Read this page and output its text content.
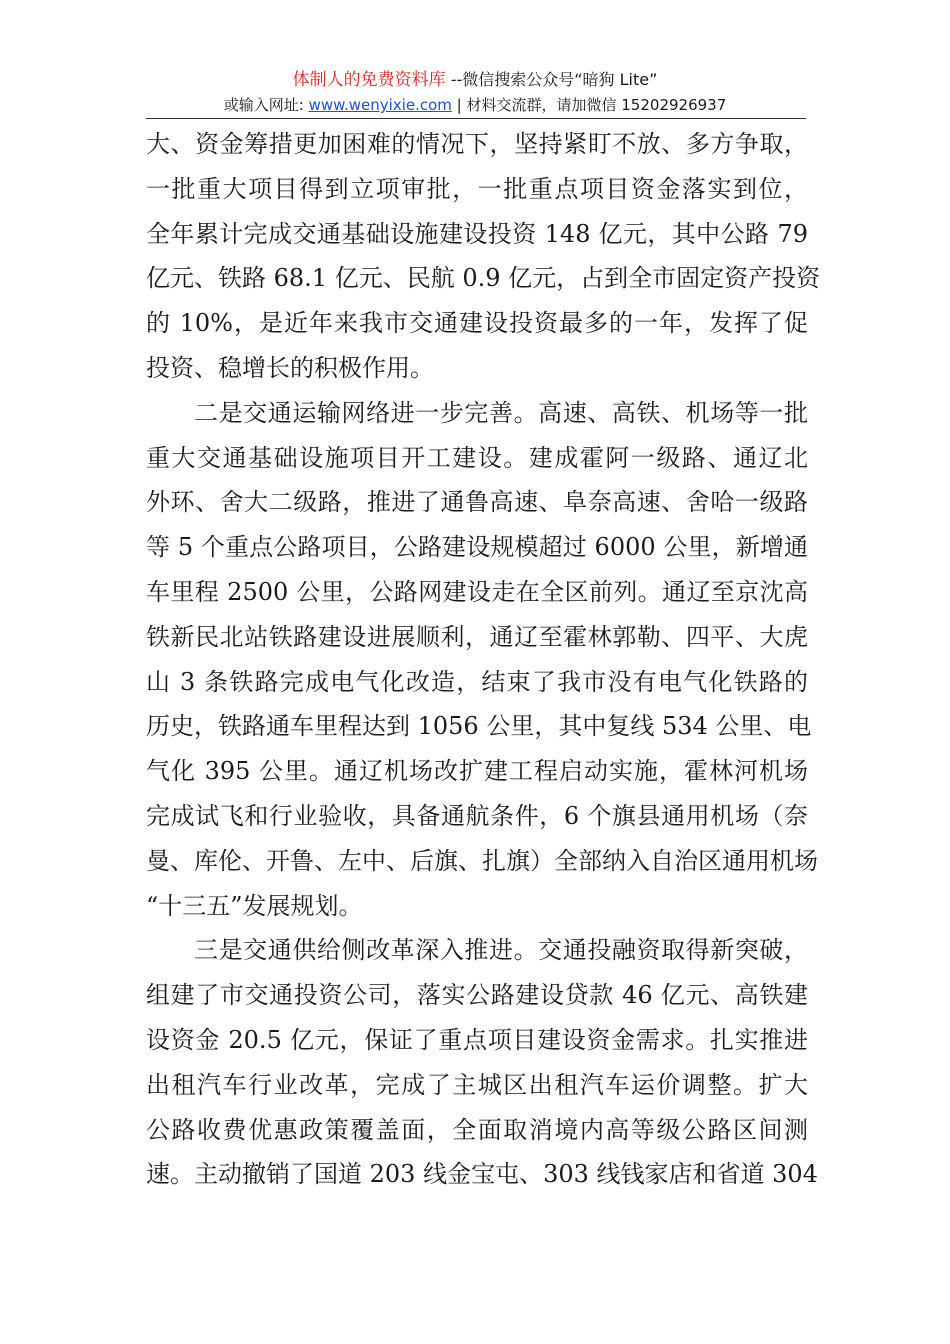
体制人的免费资料库 --微信搜索公众号“暗狗 Lite”
或输入网址: www.wenyixie.com | 材料交流群，请加微信 15202926937
大、资金筹措更加困难的情况下，坚持紧盯不放、多方争取，
一批重大项目得到立项审批，一批重点项目资金落实到位，
全年累计完成交通基础设施建设投资 148 亿元，其中公路 79
亿元、铁路 68.1 亿元、民航 0.9 亿元，占到全市固定资产投资
的 10%，是近年来我市交通建设投资最多的一年，发挥了促
投资、稳增长的积极作用。
二是交通运输网络进一步完善。高速、高铁、机场等一批
重大交通基础设施项目开工建设。建成霍阿一级路、通辽北
外环、舍大二级路，推进了通鲁高速、阜奈高速、舍哈一级路
等 5 个重点公路项目，公路建设规模超过 6000 公里，新增通
车里程 2500 公里，公路网建设走在全区前列。通辽至京沈高
铁新民北站铁路建设进展顺利，通辽至霍林郭勒、四平、大虎
山 3 条铁路完成电气化改造，结束了我市没有电气化铁路的
历史，铁路通车里程达到 1056 公里，其中复线 534 公里、电
气化 395 公里。通辽机场改扩建工程启动实施，霍林河机场
完成试飞和行业验收，具备通航条件，6 个旗县通用机场（奈
曼、库伦、开鲁、左中、后旗、扎旗）全部纳入自治区通用机场
“十三五”发展规划。
三是交通供给侧改革深入推进。交通投融资取得新突破，
组建了市交通投资公司，落实公路建设贷款 46 亿元、高铁建
设资金 20.5 亿元，保证了重点项目建设资金需求。扎实推进
出租汽车行业改革，完成了主城区出租汽车运价调整。扩大
公路收费优惠政策覆盖面，全面取消境内高等级公路区间测
速。主动撤销了国道 203 线金宝屯、303 线钱家店和省道 304
